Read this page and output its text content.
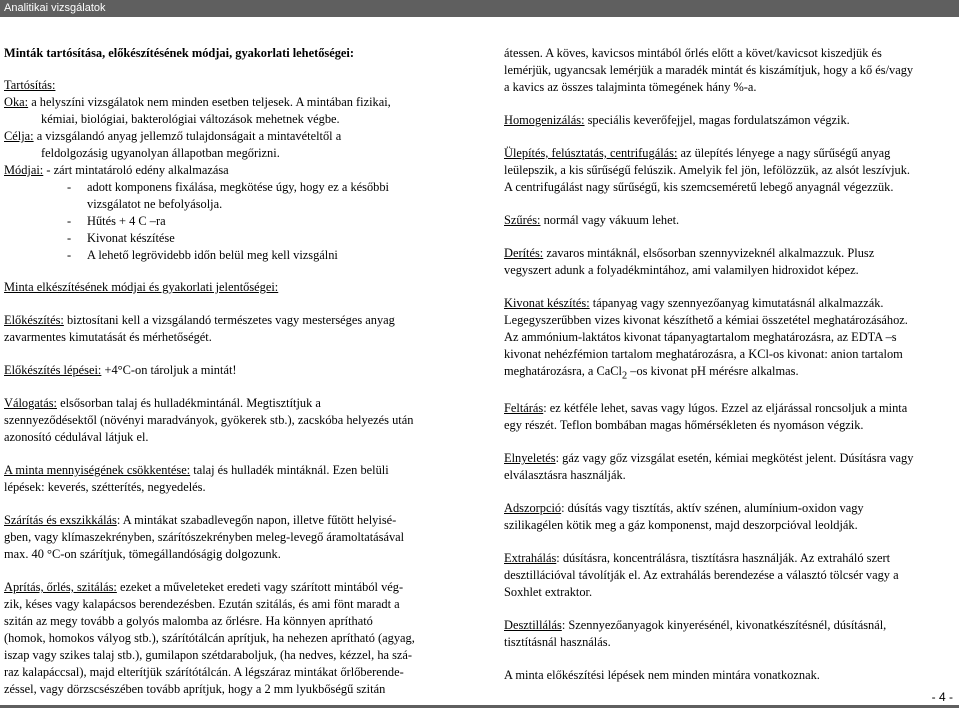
Analitikai vizsgálatok

Minták tartósítása, előkészítésének módjai, gyakorlati lehetőségei:

Tartósítás:

Oka: a helyszíni vizsgálatok nem minden esetben teljesek. A mintában fizikai,

kémiai, biológiai, bakterológiai változások mehetnek végbe.

Célja: a vizsgálandó anyag jellemző tulajdonságait a mintavételtől a

feldolgozásig ugyanolyan állapotban megőrizni.

Módjai: - zárt mintatároló edény alkalmazása

-	adott komponens fixálása, megkötése úgy, hogy ez a későbbi
vizsgálatot ne befolyásolja.
-	Hűtés + 4 C –ra
-	Kivonat készítése
-	A lehető legrövidebb időn belül meg kell vizsgálni

Minta elkészítésének módjai és gyakorlati jelentőségei:

Előkészítés: biztosítani kell a vizsgálandó természetes vagy mesterséges anyag
zavarmentes kimutatását és mérhetőségét.

Előkészítés lépései: +4°C-on tároljuk a mintát!

Válogatás: elsősorban talaj és hulladékmintánál. Megtisztítjuk a
szennyeződésektől (növényi maradványok, gyökerek stb.), zacskóba helyezés után
azonosító cédulával látjuk el.

A minta mennyiségének csökkentése: talaj és hulladék mintáknál. Ezen belüli
lépések: keverés, szétterítés, negyedelés.

Szárítás és exszikkálás: A mintákat szabadlevegőn napon, illetve fűtött helyisé-
gben, vagy klímaszekrényben, szárítószekrényben meleg-levegő áramoltatásával
max. 40 °C-on szárítjuk, tömegállandóságig dolgozunk.

Aprítás, őrlés, szitálás: ezeket a műveleteket eredeti vagy szárított mintából vég-
zik, késes vagy kalapácsos berendezésben. Ezután szitálás, és ami fönt maradt a
szitán az megy tovább a golyós malomba az őrlésre. Ha könnyen aprítható
(homok, homokos vályog stb.), szárítótálcán aprítjuk, ha nehezen aprítható (agyag,
iszap vagy szikes talaj stb.), gumilapon szétdaraboljuk, (ha nedves, kézzel, ha szá-
raz kalapáccsal), majd elterítjük szárítótálcán. A légszáraz mintákat őrlőberende-
zéssel, vagy dörzscsészében tovább aprítjuk, hogy a 2 mm lyukbőségű szitán

átessen. A köves, kavicsos mintából őrlés előtt a követ/kavicsot kiszedjük és
lemérjük, ugyancsak lemérjük a maradék mintát és kiszámítjuk, hogy a kő és/vagy
a kavics az összes talajminta tömegének hány %-a.

Homogenizálás: speciális keverőfejjel, magas fordulatszámon végzik.

Ülepítés, felúsztatás, centrifugálás: az ülepítés lényege a nagy sűrűségű anyag
leülepszik, a kis sűrűségű felúszik. Amelyik fel jön, lefölözzük, az alsót leszívjuk.
A centrifugálást nagy sűrűségű, kis szemcseméretű lebegő anyagnál végezzük.

Szűrés: normál vagy vákuum lehet.

Derítés: zavaros mintáknál, elsősorban szennyvizeknél alkalmazzuk. Plusz
vegyszert adunk a folyadékmintához, ami valamilyen hidroxidot képez.

Kivonat készítés: tápanyag vagy szennyezőanyag kimutatásnál alkalmazzák.
Legegyszerűbben vizes kivonat készíthető a kémiai összetétel meghatározásához.
Az ammónium-laktátos kivonat tápanyagtartalom meghatározásra, az EDTA –s
kivonat nehézfémion tartalom meghatározásra, a KCl-os kivonat: anion tartalom
meghatározásra, a CaCl$_2$ –os kivonat pH mérésre alkalmas.

Feltárás: ez kétféle lehet, savas vagy lúgos. Ezzel az eljárással roncsoljuk a minta
egy részét. Teflon bombában magas hőmérsékleten és nyomáson végzik.

Elnyeletés: gáz vagy gőz vizsgálat esetén, kémiai megkötést jelent. Dúsításra vagy
elválasztásra használják.

Adszorpció: dúsítás vagy tisztítás, aktív szénen, alumínium-oxidon vagy
szilikagélen kötik meg a gáz komponenst, majd deszorpcióval leoldják.

Extrahálás: dúsításra, koncentrálásra, tisztításra használják. Az extraháló szert
desztillációval távolítják el. Az extrahálás berendezése a választó tölcsér vagy a
Soxhlet extraktor.

Desztillálás: Szennyezőanyagok kinyerésénél, kivonatkészítésnél, dúsításnál,
tisztításnál használás.

A minta előkészítési lépések nem minden mintára vonatkoznak.

- 4 -
